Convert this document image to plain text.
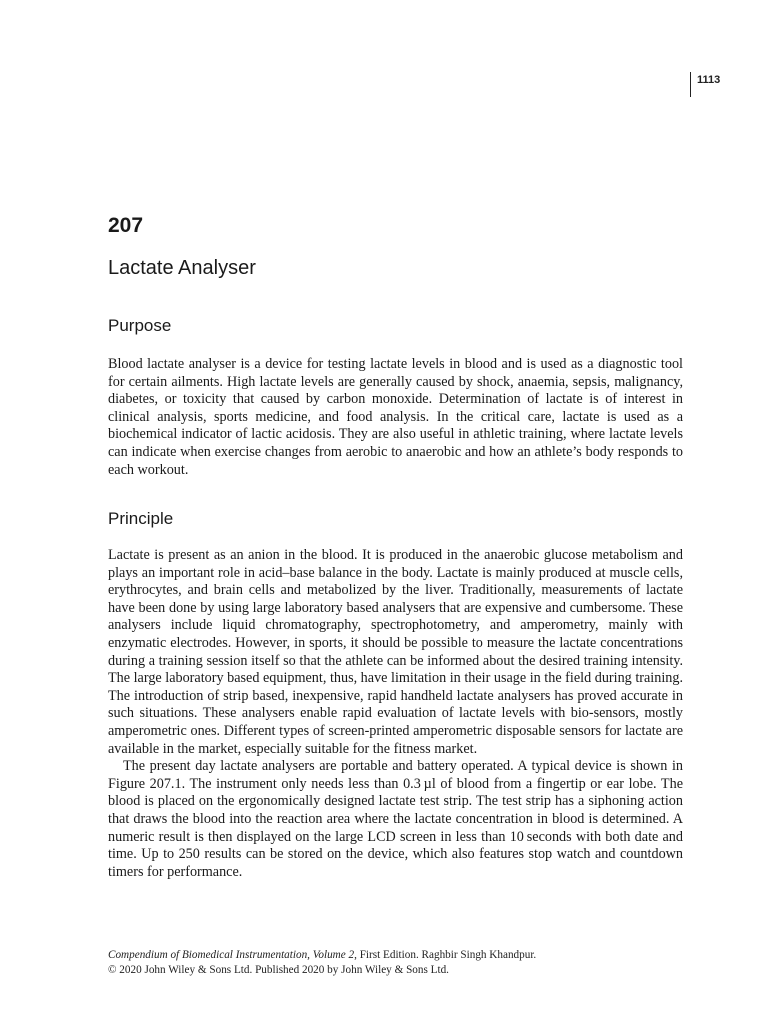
1113
207
Lactate Analyser
Purpose

Blood lactate analyser is a device for testing lactate levels in blood and is used as a diagnostic tool for certain ailments. High lactate levels are generally caused by shock, anaemia, sepsis, malignancy, diabetes, or toxicity that caused by carbon monoxide. Determination of lactate is of interest in clinical analysis, sports medicine, and food analysis. In the critical care, lactate is used as a biochemical indicator of lactic acidosis. They are also useful in athletic training, where lactate levels can indicate when exercise changes from aerobic to anaerobic and how an athlete’s body responds to each workout.

Principle

Lactate is present as an anion in the blood. It is produced in the anaerobic glucose metabolism and plays an important role in acid–base balance in the body. Lactate is mainly produced at muscle cells, erythrocytes, and brain cells and metabolized by the liver. Traditionally, measurements of lactate have been done by using large laboratory based analysers that are expensive and cumbersome. These analysers include liquid chromatography, spectrophotometry, and amperometry, mainly with enzymatic electrodes. However, in sports, it should be possible to measure the lactate concentrations during a training session itself so that the athlete can be informed about the desired training intensity. The large laboratory based equipment, thus, have limitation in their usage in the field during training. The introduction of strip based, inexpensive, rapid handheld lactate analysers has proved accurate in such situations. These analysers enable rapid evaluation of lactate levels with bio-sensors, mostly amperometric ones. Different types of screen-printed amperometric disposable sensors for lactate are available in the market, especially suitable for the fitness market.

The present day lactate analysers are portable and battery operated. A typical device is shown in Figure 207.1. The instrument only needs less than 0.3 µl of blood from a fingertip or ear lobe. The blood is placed on the ergonomically designed lactate test strip. The test strip has a siphoning action that draws the blood into the reaction area where the lactate concentration in blood is determined. A numeric result is then displayed on the large LCD screen in less than 10 seconds with both date and time. Up to 250 results can be stored on the device, which also features stop watch and countdown timers for performance.

Compendium of Biomedical Instrumentation, Volume 2, First Edition. Raghbir Singh Khandpur.
© 2020 John Wiley & Sons Ltd. Published 2020 by John Wiley & Sons Ltd.
